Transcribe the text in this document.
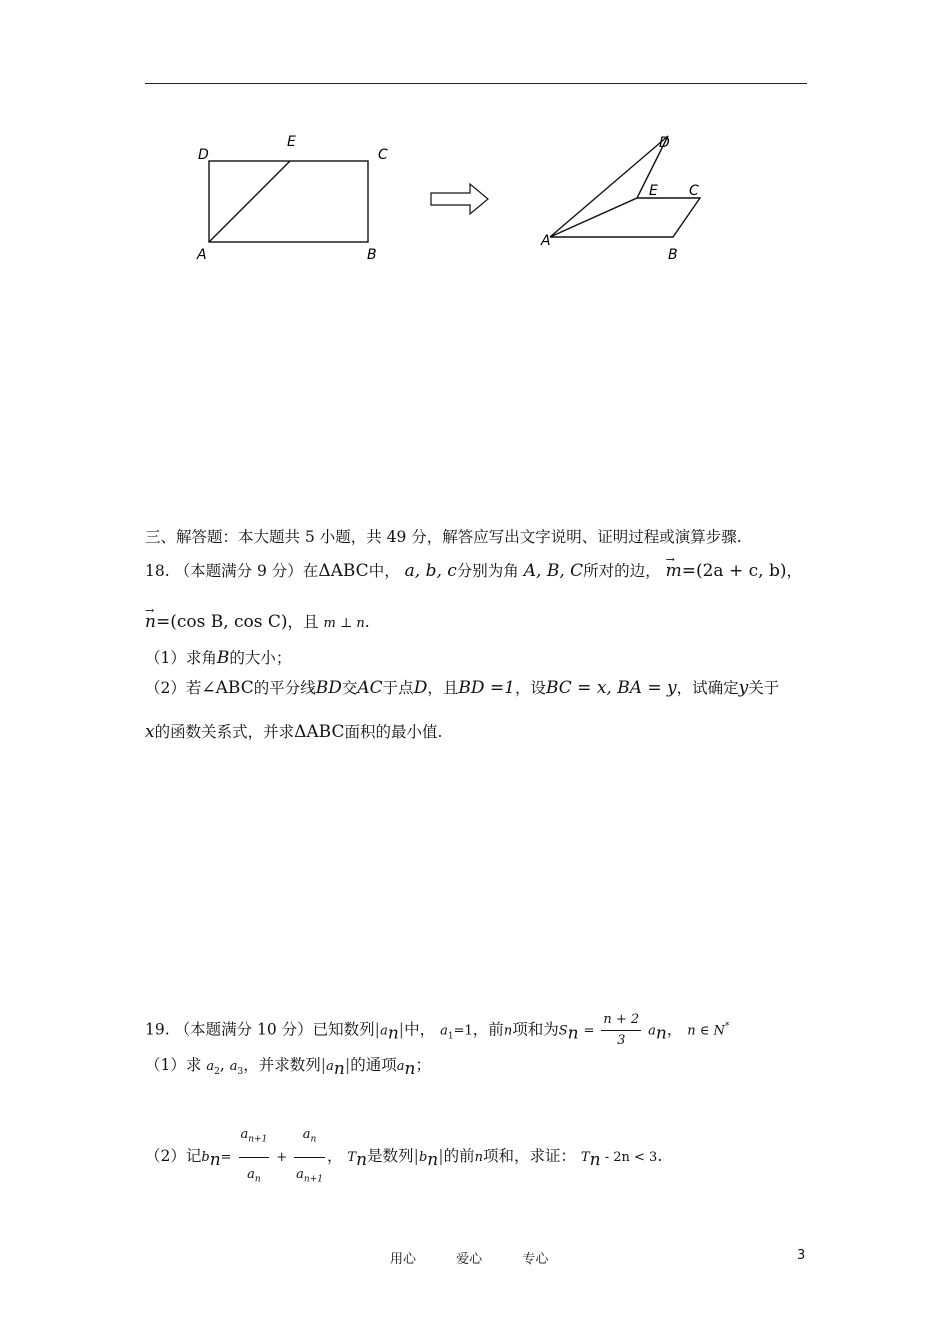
D
E
C
A	B
D
E C
A
B
三、解答题：本大题共 5 小题，共 49 分，解答应写出文字说明、证明过程或演算步骤.
18. （本题满分 9 分）在ΔABC中， a, b, c分别为角 A, B, C所对的边， → m=(2a + c, b)，
→ n=(cos B, cos C)，且 m ⊥ n.
（1）求角B的大小；
（2）若∠ABC的平分线BD交AC于点D，且BD =1，设BC = x, BA = y，试确定y关于
x的函数关系式，并求ΔABC面积的最小值.
19. （本题满分 10 分）已知数列$|a_n|$中， $a_1=1$，前n项和为$S_n = \frac{n + 2}{3} a_n$， n ∈ N*
（1）求 $a_2$, $a_3$，并求数列$|a_n|$的通项$a_n$；
（2）记$b_n= \frac{a_{n+1}}{a_n} + \frac{a_n}{a_{n+1}}$ ， $T_n$是数列$|b_n|$的前n项和，求证： $T_n - 2n < 3$.
用心	爱心	专心	3
